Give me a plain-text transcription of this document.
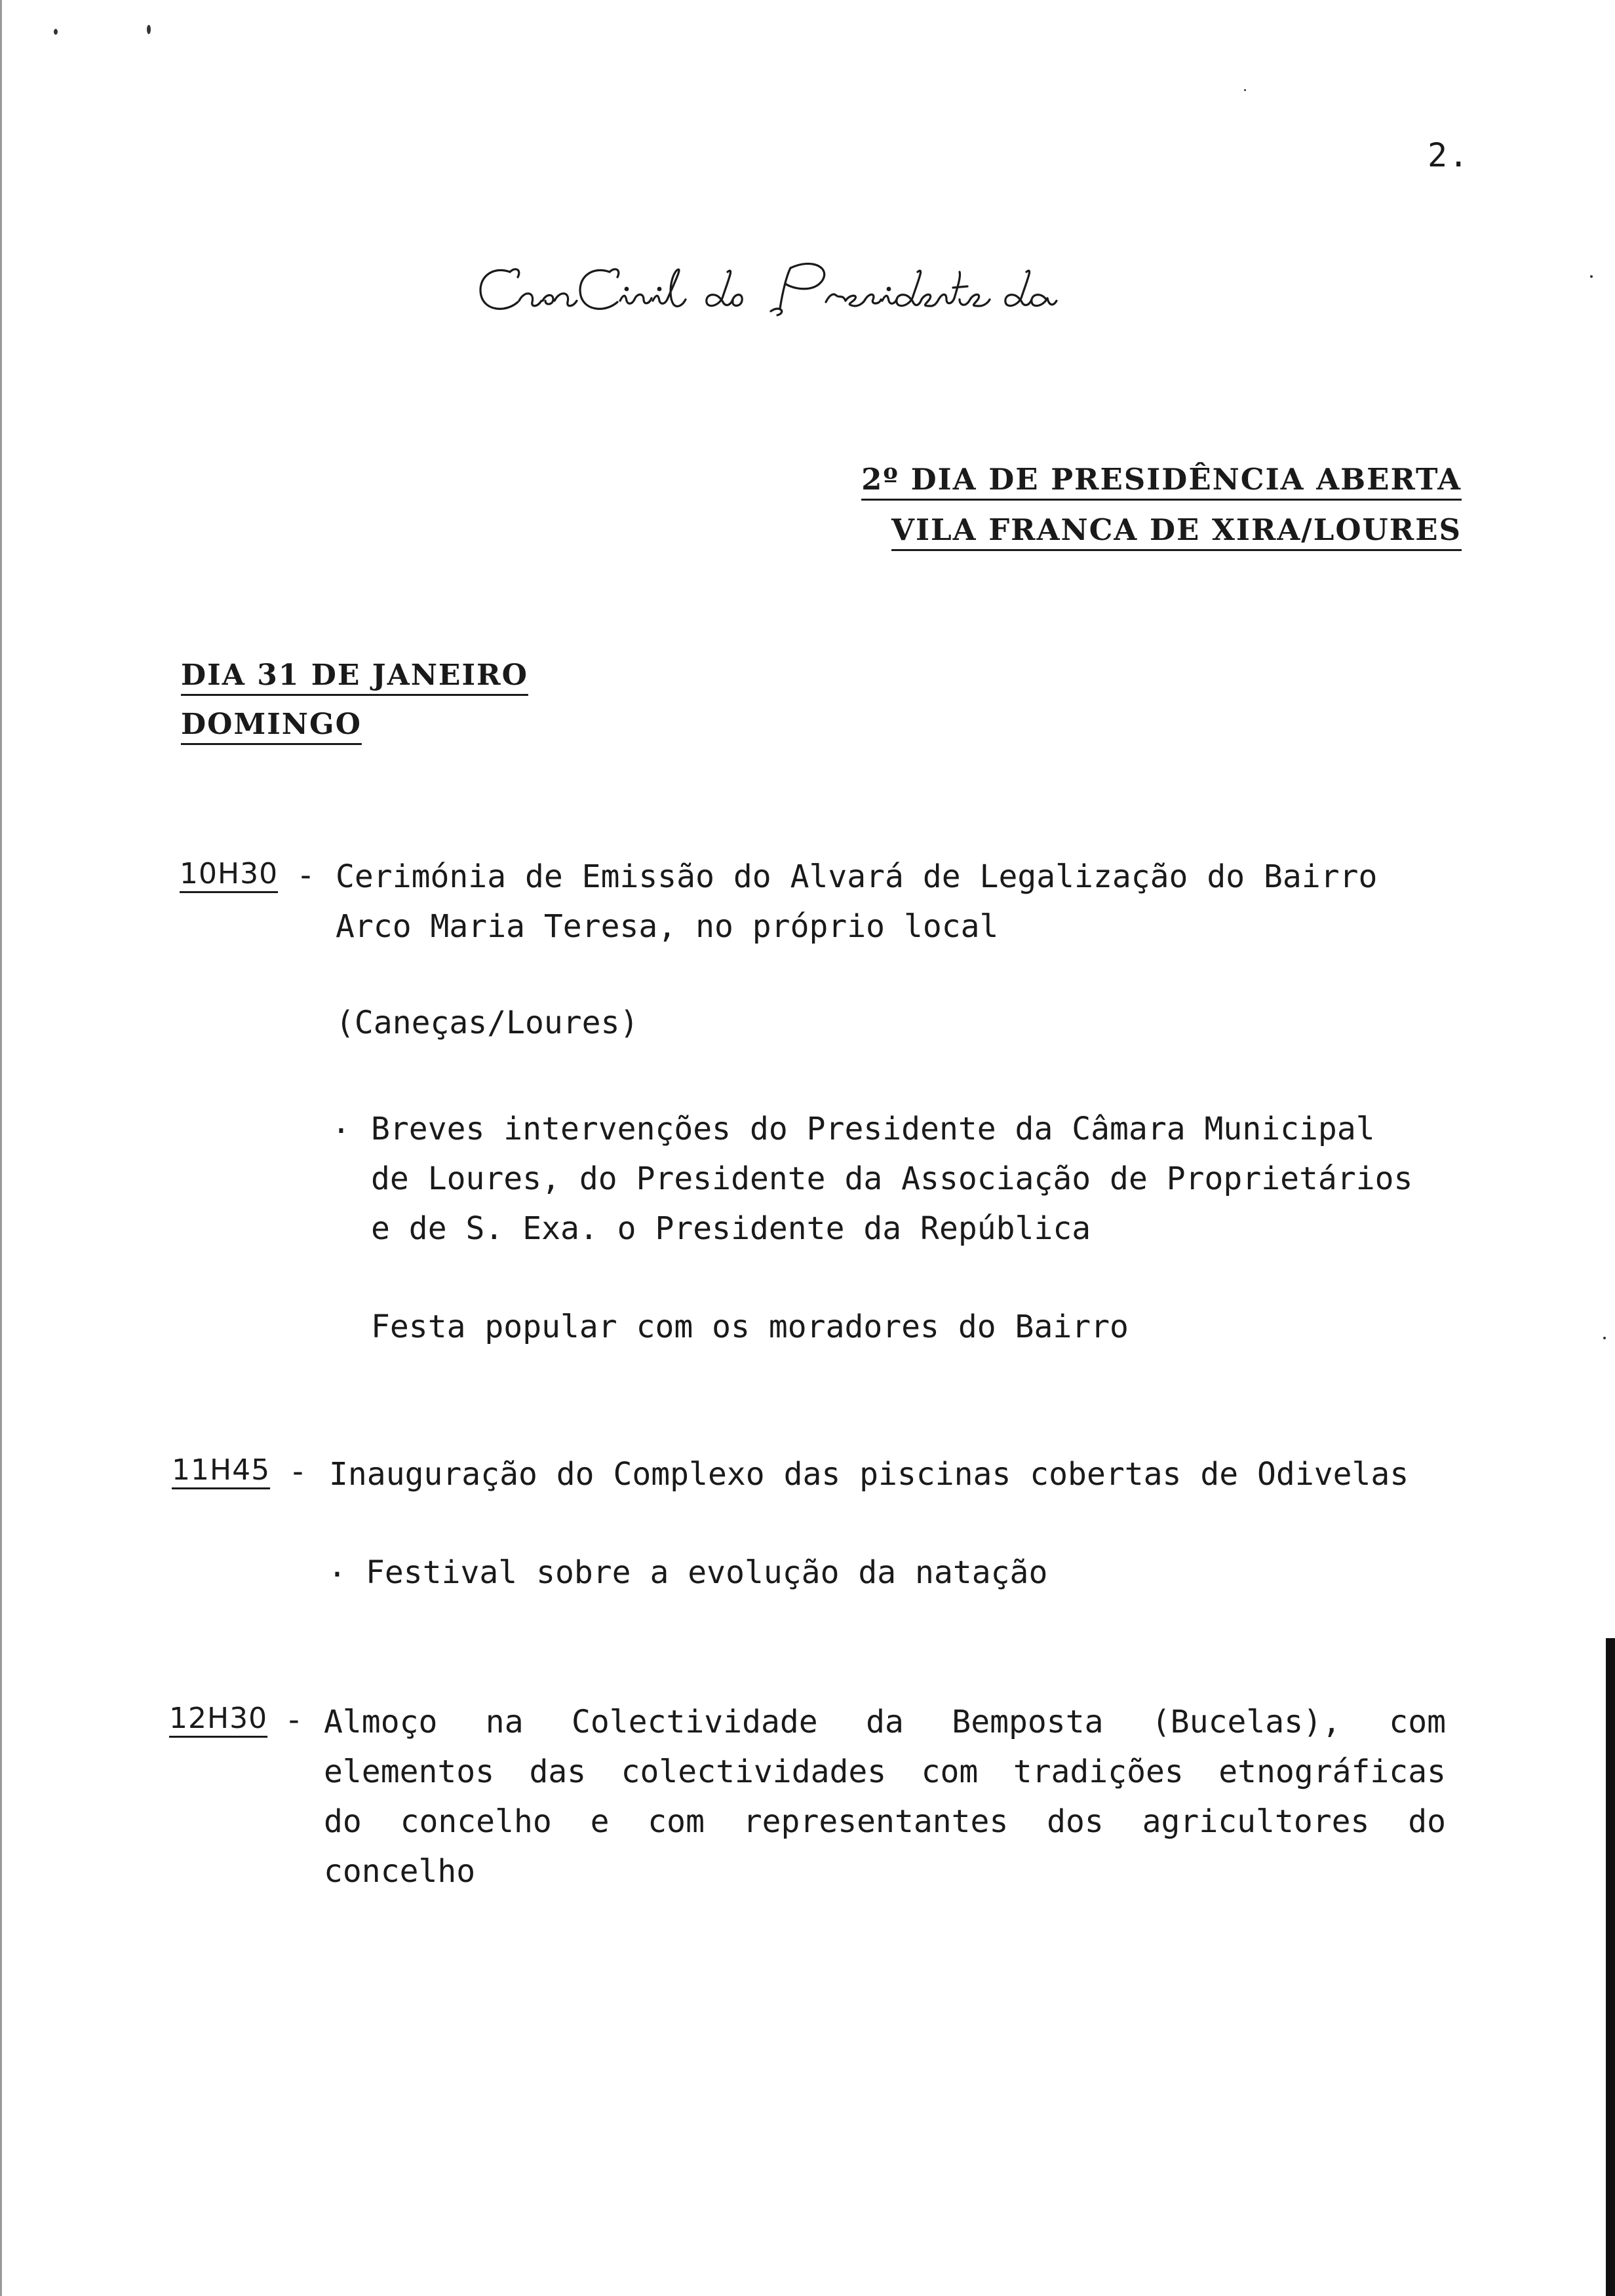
2.
2º DIA DE PRESIDÊNCIA ABERTA
VILA FRANCA DE XIRA/LOURES
DIA 31 DE JANEIRO
DOMINGO
10H30 - Cerimónia de Emissão do Alvará de Legalização do Bairro
Arco Maria Teresa, no próprio local
(Caneças/Loures)
. Breves intervenções do Presidente da Câmara Municipal
de Loures, do Presidente da Associação de Proprietários
e de S. Exa. o Presidente da República
Festa popular com os moradores do Bairro
11H45 - Inauguração do Complexo das piscinas cobertas de Odivelas
. Festival sobre a evolução da natação
12H30 - Almoço na Colectividade da Bemposta (Bucelas), com
elementos das colectividades com tradições etnográficas
do concelho e com representantes dos agricultores do
concelho
